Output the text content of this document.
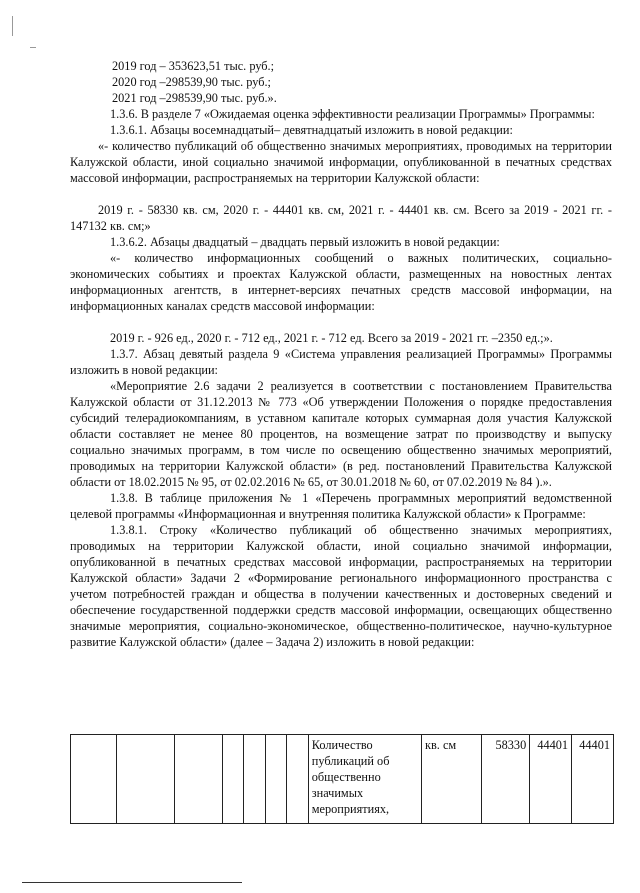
2019 год – 353623,51 тыс. руб.;

2020 год –298539,90 тыс. руб.;

2021 год –298539,90 тыс. руб.».

1.3.6. В разделе 7 «Ожидаемая оценка эффективности реализации Программы» Программы:

1.3.6.1. Абзацы восемнадцатый– девятнадцатый изложить в новой редакции:

«- количество публикаций об общественно значимых мероприятиях, проводимых на территории Калужской области, иной социально значимой информации, опубликованной в печатных средствах массовой информации, распространяемых на территории Калужской области:

2019 г. - 58330 кв. см, 2020 г. - 44401 кв. см, 2021 г. - 44401 кв. см. Всего за 2019 - 2021 гг. - 147132 кв. см;»

1.3.6.2. Абзацы двадцатый – двадцать первый изложить в новой редакции:

«- количество информационных сообщений о важных политических, социально-экономических событиях и проектах Калужской области, размещенных на новостных лентах информационных агентств, в интернет-версиях печатных средств массовой информации, на информационных каналах средств массовой информации:

2019 г. - 926 ед., 2020 г. - 712 ед., 2021 г. - 712 ед. Всего за 2019 - 2021 гг. –2350 ед.;».

1.3.7. Абзац девятый раздела 9 «Система управления реализацией Программы» Программы изложить в новой редакции:

«Мероприятие 2.6 задачи 2 реализуется в соответствии с постановлением Правительства Калужской области от 31.12.2013 № 773 «Об утверждении Положения о порядке предоставления субсидий телерадиокомпаниям, в уставном капитале которых суммарная доля участия Калужской области составляет не менее 80 процентов, на возмещение затрат по производству и выпуску социально значимых программ, в том числе по освещению общественно значимых мероприятий, проводимых на территории Калужской области» (в ред. постановлений Правительства Калужской области от 18.02.2015 № 95, от 02.02.2016 № 65, от 30.01.2018 № 60, от 07.02.2019 № 84 ).».

1.3.8. В таблице приложения № 1 «Перечень программных мероприятий ведомственной целевой программы «Информационная и внутренняя политика Калужской области» к Программе:

1.3.8.1. Строку «Количество публикаций об общественно значимых мероприятиях, проводимых на территории Калужской области, иной социально значимой информации, опубликованной в печатных средствах массовой информации, распространяемых на территории Калужской области» Задачи 2 «Формирование регионального информационного пространства с учетом потребностей граждан и общества в получении качественных и достоверных сведений и обеспечение государственной поддержки средств массовой информации, освещающих общественно значимые мероприятия, социально-экономическое, общественно-политическое, научно-культурное развитие Калужской области» (далее – Задача 2) изложить в новой редакции:

							Количество публикаций об общественно значимых мероприятиях,	кв. см	58330	44401	44401
